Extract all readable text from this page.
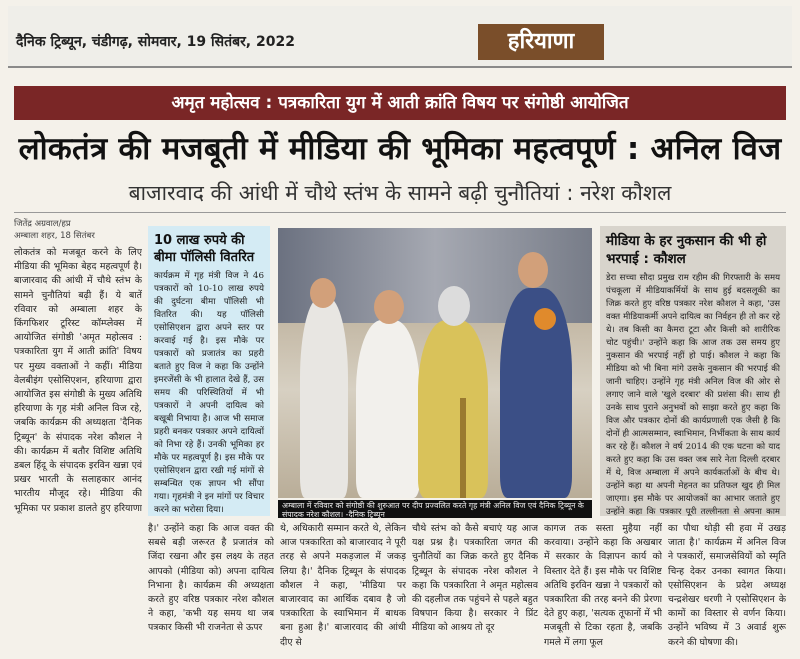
दैनिक ट्रिब्यून, चंडीगढ़, सोमवार, 19 सितंबर, 2022	हरियाणा
अमृत महोत्सव : पत्रकारिता युग में आती क्रांति विषय पर संगोष्ठी आयोजित
लोकतंत्र की मजबूती में मीडिया की भूमिका महत्वपूर्ण : अनिल विज
बाजारवाद की आंधी में चौथे स्तंभ के सामने बढ़ी चुनौतियां : नरेश कौशल
जितेंद्र अग्रवाल/हप्र
अम्बाला शहर, 18 सितंबर
लोकतंत्र को मजबूत करने के लिए मीडिया की भूमिका बेहद महत्वपूर्ण है। बाजारवाद की आंधी में चौथे स्तंभ के सामने चुनौतियां बढ़ी हैं। ये बातें रविवार को अम्बाला शहर के किंगफिशर टूरिस्ट कॉम्प्लेक्स में आयोजित संगोष्ठी 'अमृत महोत्सव : पत्रकारिता युग में आती क्रांति' विषय पर मुख्य वक्ताओं ने कहीं। मीडिया वेलबीइंग एसोसिएशन, हरियाणा द्वारा आयोजित इस संगोष्ठी के मुख्य अतिथि हरियाणा के गृह मंत्री अनिल विज रहे, जबकि कार्यक्रम की अध्यक्षता 'दैनिक ट्रिब्यून' के संपादक नरेश कौशल ने की। कार्यक्रम में बतौर विशिष्ट अतिथि डबल हिंदू के संपादक इरविन खन्ना एवं प्रखर भारती के सलाहकार आनंद भारतीय मौजूद रहे। मीडिया की भूमिका पर प्रकाश डालते हुए हरियाणा
10 लाख रुपये की बीमा पॉलिसी वितरित
कार्यक्रम में गृह मंत्री विज ने 46 पत्रकारों को 10-10 लाख रुपये की दुर्घटना बीमा पॉलिसी भी वितरित की। यह पॉलिसी एसोसिएशन द्वारा अपने स्तर पर करवाई गई है। इस मौके पर पत्रकारों को प्रजातंत्र का प्रहरी बताते हुए विज ने कहा कि उन्होंने इमरजेंसी के भी हालात देखे हैं, उस समय की परिस्थितियों में भी पत्रकारों ने अपनी दायित्व को बखूबी निभाया है। आज भी समाज प्रहरी बनकर पत्रकार अपने दायित्वों को निभा रहे हैं। उनकी भूमिका हर मौके पर महत्वपूर्ण है। इस मौके पर एसोसिएशन द्वारा रखी गई मांगों से सम्बन्धित एक ज्ञापन भी सौंपा गया। गृहमंत्री ने इन मांगों पर विचार करने का भरोसा दिया।	अम्बाला में रविवार को संगोष्ठी की शुरुआत पर दीप प्रज्वलित करते गृह मंत्री अनिल विज एवं दैनिक ट्रिब्यून के संपादक नरेश कौशल। -दैनिक ट्रिब्यून
मीडिया के हर नुकसान की भी हो भरपाई : कौशल
डेरा सच्चा सौदा प्रमुख राम रहीम की गिरफ्तारी के समय पंचकूला में मीडियाकर्मियों के साथ हुई बदसलूकी का जिक्र करते हुए वरिष्ठ पत्रकार नरेश कौशल ने कहा, 'उस वक्त मीडियाकर्मी अपने दायित्व का निर्वहन ही तो कर रहे थे। तब किसी का कैमरा टूटा और किसी को शारीरिक चोट पहुंची।' उन्होंने कहा कि आज तक उस समय हुए नुकसान की भरपाई नहीं हो पाई। कौशल ने कहा कि मीडिया को भी बिना मांगे उसके नुकसान की भरपाई की जानी चाहिए। उन्होंने गृह मंत्री अनिल विज की ओर से लगाए जाने वाले 'खुले दरबार' की प्रशंसा की। साथ ही उनके साथ पुराने अनुभवों को साझा करते हुए कहा कि विज और पत्रकार दोनों की कार्यप्रणाली एक जैसी है कि दोनों ही आत्मसम्मान, स्वाभिमान, निर्भीकता के साथ कार्य कर रहे हैं। कौशल ने वर्ष 2014 की एक घटना को याद करते हुए कहा कि उस वक्त जब सारे नेता दिल्ली दरबार में थे, विज अम्बाला में अपने कार्यकर्ताओं के बीच थे। उन्होंने कहा था अपनी मेहनत का प्रतिफल खुद ही मिल जाएगा। इस मौके पर आयोजकों का आभार जताते हुए उन्होंने कहा कि पत्रकार पूरी तल्लीनता से अपना काम
है।' उन्होंने कहा कि आज वक्त की सबसे बड़ी जरूरत है प्रजातंत्र को जिंदा रखना और इस लक्ष्य के तहत आपको (मीडिया को) अपना दायित्व निभाना है। कार्यक्रम की अध्यक्षता करते हुए वरिष्ठ पत्रकार नरेश कौशल ने कहा, 'कभी यह समय था जब पत्रकार किसी भी राजनेता से ऊपर
थे, अधिकारी सम्मान करते थे, लेकिन आज पत्रकारिता को बाजारवाद ने पूरी तरह से अपने मकड़जाल में जकड़ लिया है।' दैनिक ट्रिब्यून के संपादक कौशल ने कहा, 'मीडिया पर बाजारवाद का आर्थिक दबाव है जो पत्रकारिता के स्वाभिमान में बाधक बना हुआ है।' बाजारवाद की आंधी दीए से
चौथे स्तंभ को कैसे बचाएं यह आज यक्ष प्रश्न है। पत्रकारिता जगत की चुनौतियों का जिक्र करते हुए दैनिक ट्रिब्यून के संपादक नरेश कौशल ने कहा कि पत्रकारिता ने अमृत महोत्सव की दहलीज तक पहुंचने से पहले बहुत विषपान किया है। सरकार ने प्रिंट मीडिया को आश्रय तो दूर
कागज तक सस्ता मुहैया नहीं करवाया। उन्होंने कहा कि अखबार में सरकार के विज्ञापन कार्य को विस्तार देते हैं। इस मौके पर विशिष्ट अतिथि इरविन खन्ना ने पत्रकारों को पत्रकारिता की तरह बनने की प्रेरणा देते हुए कहा, 'सत्यक तूफानों में भी मजबूती से टिका रहता है, जबकि गमले में लगा फूल
का पौधा थोड़ी सी हवा में उखड़ जाता है।' कार्यक्रम में अनिल विज ने पत्रकारों, समाजसेवियों को स्मृति चिन्ह देकर उनका स्वागत किया। एसोसिएशन के प्रदेश अध्यक्ष चन्द्रशेखर धरणी ने एसोसिएशन के कामों का विस्तार से वर्णन किया। उन्होंने भविष्य में 3 अवार्ड शुरू करने की घोषणा की।
